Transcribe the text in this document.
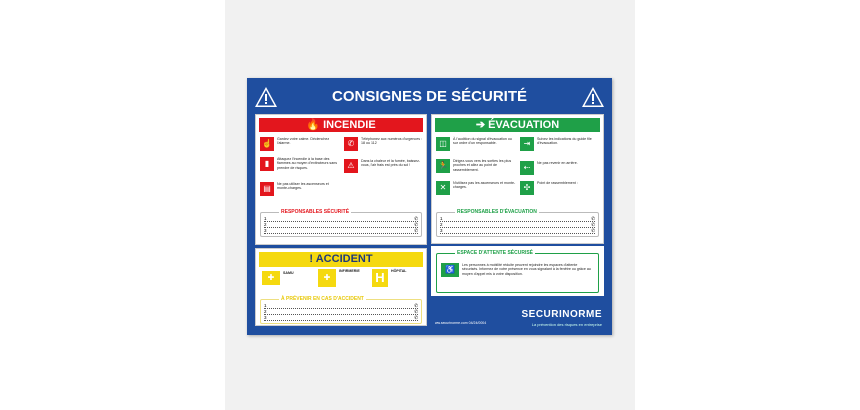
CONSIGNES DE SÉCURITÉ
🔥 INCENDIE
☝	Gardez votre calme. Déclenchez l'alarme.
▮	Attaquez l'incendie à la base des flammes au moyen d'extincteurs sans prendre de risques.
▤	Ne pas utiliser les ascenseurs et monte-charges.
✆	Téléphonez aux numéros d'urgences : 18 ou 112
⚠	Dans la chaleur et la fumée, baissez-vous, l'air frais est près du sol !
RESPONSABLES SÉCURITÉ
1	✆
2	✆
3	✆
! ACCIDENT
✚	SAMU	✚
INFIRMERIE H	HÔPITAL
À PRÉVENIR EN CAS D'ACCIDENT
1	✆
2	✆
3	✆
➔ ÉVACUATION
◫	À l'audition du signal d'évacuation ou sur ordre d'un responsable.
🏃	Dirigez-vous vers les sorties les plus proches et allez au point de rassemblement.
✕	N'utilisez pas les ascenseurs et monte-charges.
⇥	Suivez les indications du guide file d'évacuation.
⇠	Ne pas revenir en arrière.
✣	Point de rassemblement :
RESPONSABLES D'ÉVACUATION
1	✆
2	✆
3	✆
ESPACE D'ATTENTE SÉCURISÉ
♿	Les personnes à mobilité réduite peuvent rejoindre les espaces d'attente sécurisés. Informez de votre présence en vous signalant à la fenêtre ou grâce au moyen d'appel mis à votre disposition.
ww.securinorme.com 04/24/0004
SECURINORME
La prévention des risques en entreprise
